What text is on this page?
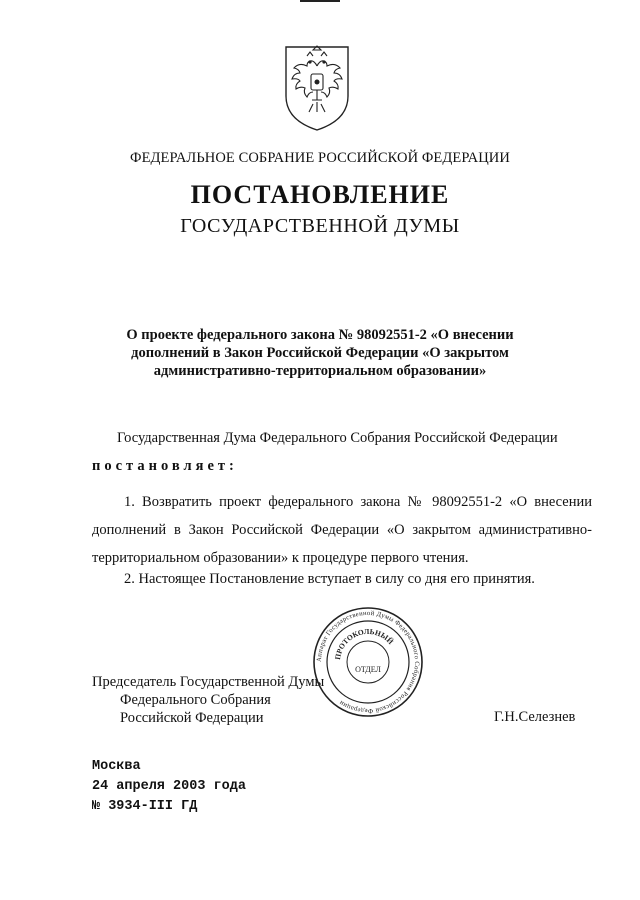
ФЕДЕРАЛЬНОЕ СОБРАНИЕ РОССИЙСКОЙ ФЕДЕРАЦИИ
ПОСТАНОВЛЕНИЕ
ГОСУДАРСТВЕННОЙ ДУМЫ
О проекте федерального закона № 98092551-2 «О внесении
дополнений в Закон Российской Федерации «О закрытом
административно-территориальном образовании»
Государственная Дума Федерального Собрания Российской Федерации
постановляет:
1. Возвратить проект федерального закона № 98092551-2 «О внесении дополнений в Закон Российской Федерации «О закрытом административно-территориальном образовании» к процедуре первого чтения.
2. Настоящее Постановление вступает в силу со дня его принятия.
Председатель Государственной Думы
Федерального Собрания
Российской Федерации	Г.Н.Селезнев
Аппарат Государственной Думы Федерального Собрания Российской Федерации
ПРОТОКОЛЬНЫЙ
ОТДЕЛ
Москва
24 апреля 2003 года
№ 3934-III ГД
